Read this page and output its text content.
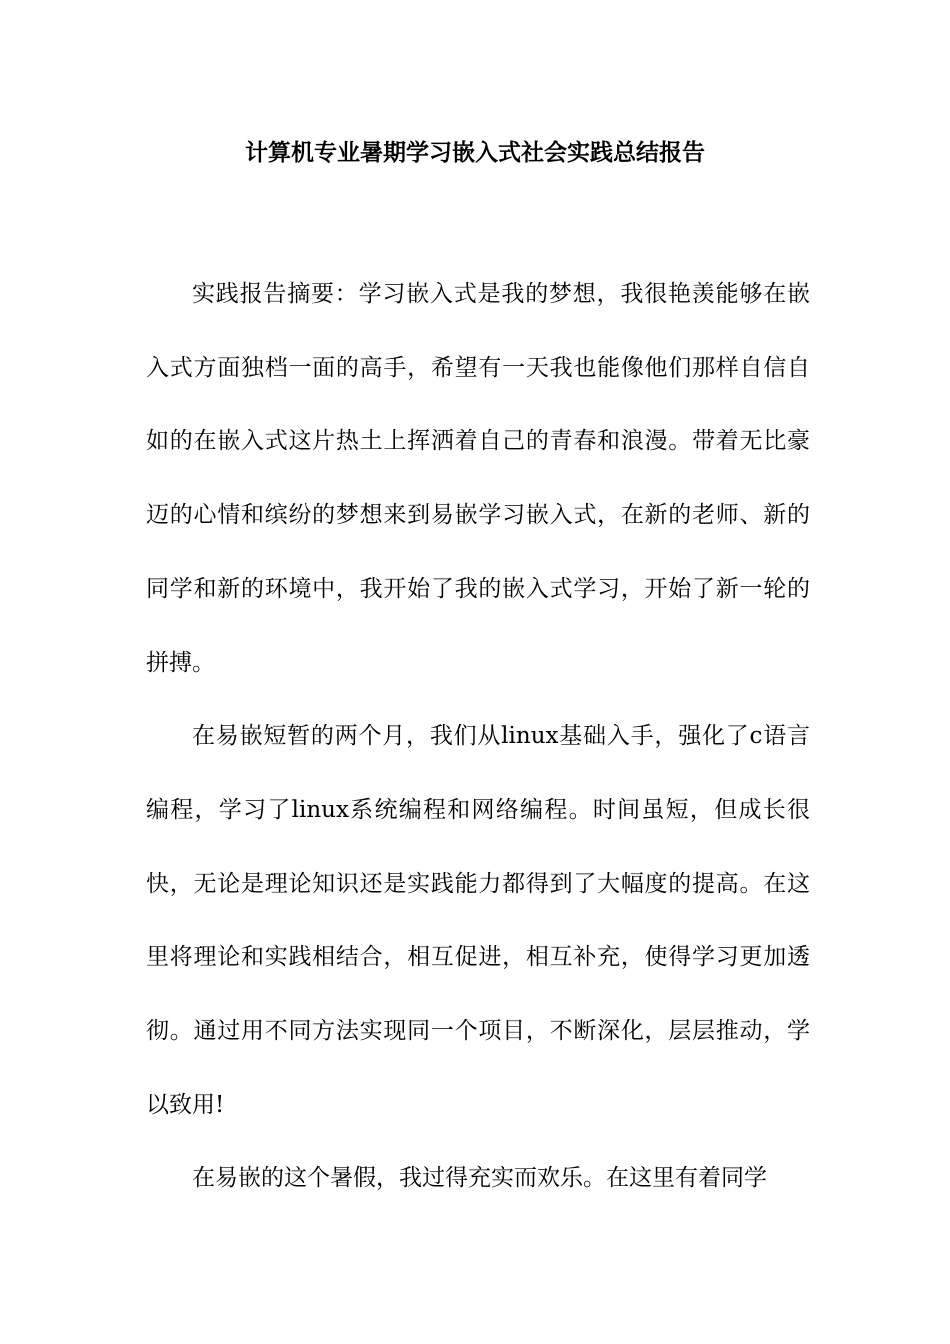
计算机专业暑期学习嵌入式社会实践总结报告

实践报告摘要：学习嵌入式是我的梦想，我很艳羡能够在嵌入式方面独档一面的高手，希望有一天我也能像他们那样自信自如的在嵌入式这片热土上挥洒着自己的青春和浪漫。带着无比豪迈的心情和缤纷的梦想来到易嵌学习嵌入式，在新的老师、新的同学和新的环境中，我开始了我的嵌入式学习，开始了新一轮的拼搏。

在易嵌短暂的两个月，我们从linux基础入手，强化了c语言编程，学习了linux系统编程和网络编程。时间虽短，但成长很快，无论是理论知识还是实践能力都得到了大幅度的提高。在这里将理论和实践相结合，相互促进，相互补充，使得学习更加透彻。通过用不同方法实现同一个项目，不断深化，层层推动，学以致用!

在易嵌的这个暑假，我过得充实而欢乐。在这里有着同学
